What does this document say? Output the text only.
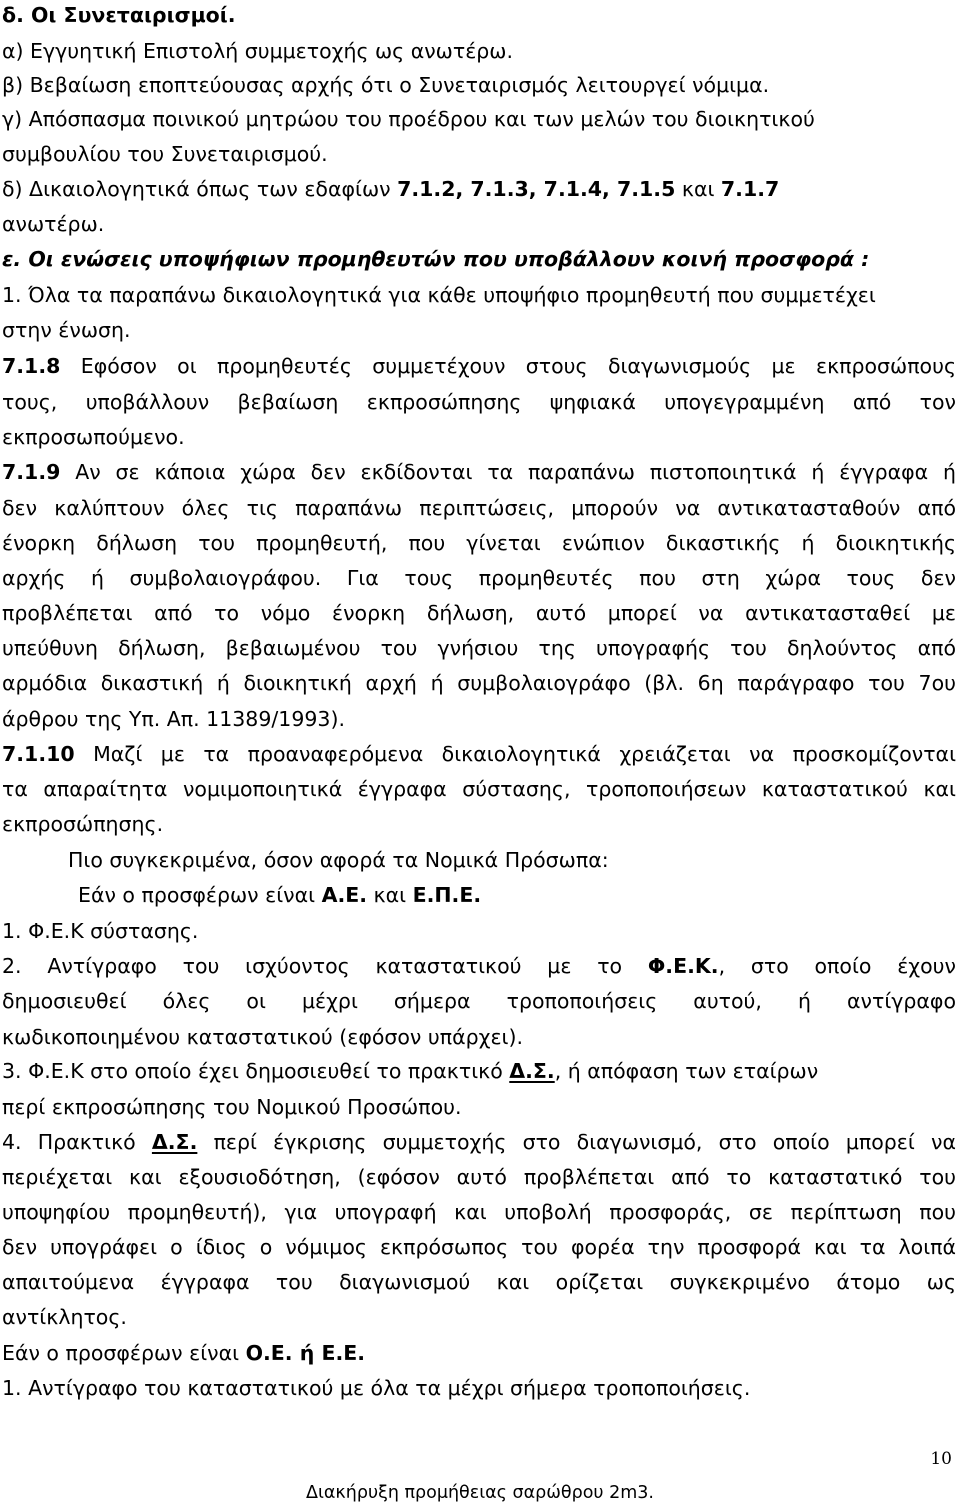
δ. Οι Συνεταιρισμοί.
α) Εγγυητική Επιστολή συμμετοχής ως ανωτέρω.
β) Βεβαίωση εποπτεύουσας αρχής ότι ο Συνεταιρισμός λειτουργεί νόμιμα.
γ) Απόσπασμα ποινικού μητρώου του προέδρου και των μελών του διοικητικού
συμβουλίου του Συνεταιρισμού.
δ) Δικαιολογητικά όπως των εδαφίων 7.1.2, 7.1.3, 7.1.4, 7.1.5 και 7.1.7
ανωτέρω.
ε. Οι ενώσεις υποψήφιων προμηθευτών που υποβάλλουν κοινή προσφορά :
1. Όλα τα παραπάνω δικαιολογητικά για κάθε υποψήφιο προμηθευτή που συμμετέχει
στην ένωση.
7.1.8 Εφόσον οι προμηθευτές συμμετέχουν στους διαγωνισμούς με εκπροσώπους
τους, υποβάλλουν βεβαίωση εκπροσώπησης ψηφιακά υπογεγραμμένη από τον
εκπροσωπούμενο.
7.1.9 Αν σε κάποια χώρα δεν εκδίδονται τα παραπάνω πιστοποιητικά ή έγγραφα ή
δεν καλύπτουν όλες τις παραπάνω περιπτώσεις, μπορούν να αντικατασταθούν από
ένορκη δήλωση του προμηθευτή, που γίνεται ενώπιον δικαστικής ή διοικητικής
αρχής ή συμβολαιογράφου. Για τους προμηθευτές που στη χώρα τους δεν
προβλέπεται από το νόμο ένορκη δήλωση, αυτό μπορεί να αντικατασταθεί με
υπεύθυνη δήλωση, βεβαιωμένου του γνήσιου της υπογραφής του δηλούντος από
αρμόδια δικαστική ή διοικητική αρχή ή συμβολαιογράφο (βλ. 6η παράγραφο του 7ου
άρθρου της Υπ. Απ. 11389/1993).
7.1.10 Μαζί με τα προαναφερόμενα δικαιολογητικά χρειάζεται να προσκομίζονται
τα απαραίτητα νομιμοποιητικά έγγραφα σύστασης, τροποποιήσεων καταστατικού και
εκπροσώπησης.
Πιο συγκεκριμένα, όσον αφορά τα Νομικά Πρόσωπα:
Εάν ο προσφέρων είναι Α.Ε. και Ε.Π.Ε.
1. Φ.Ε.Κ σύστασης.
2. Αντίγραφο του ισχύοντος καταστατικού με το Φ.Ε.Κ., στο οποίο έχουν
δημοσιευθεί όλες οι μέχρι σήμερα τροποποιήσεις αυτού, ή αντίγραφο
κωδικοποιημένου καταστατικού (εφόσον υπάρχει).
3. Φ.Ε.Κ στο οποίο έχει δημοσιευθεί το πρακτικό Δ.Σ., ή απόφαση των εταίρων
περί εκπροσώπησης του Νομικού Προσώπου.
4. Πρακτικό Δ.Σ. περί έγκρισης συμμετοχής στο διαγωνισμό, στο οποίο μπορεί να
περιέχεται και εξουσιοδότηση, (εφόσον αυτό προβλέπεται από το καταστατικό του
υποψηφίου προμηθευτή), για υπογραφή και υποβολή προσφοράς, σε περίπτωση που
δεν υπογράφει ο ίδιος ο νόμιμος εκπρόσωπος του φορέα την προσφορά και τα λοιπά
απαιτούμενα έγγραφα του διαγωνισμού και ορίζεται συγκεκριμένο άτομο ως
αντίκλητος.
Εάν ο προσφέρων είναι Ο.Ε. ή Ε.Ε.
1. Αντίγραφο του καταστατικού με όλα τα μέχρι σήμερα τροποποιήσεις.
10
Διακήρυξη προμήθειας σαρώθρου 2m3.
